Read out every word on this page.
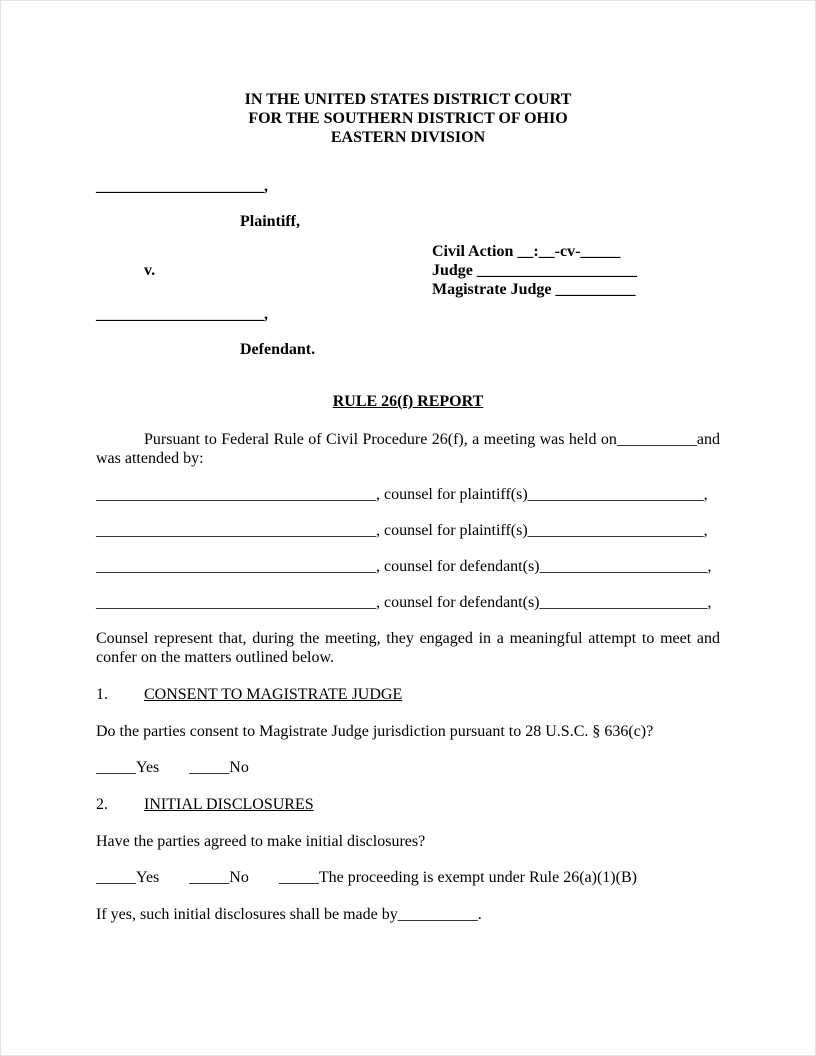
IN THE UNITED STATES DISTRICT COURT
FOR THE SOUTHERN DISTRICT OF OHIO
EASTERN DIVISION
_____________________,
Plaintiff,
v.
Civil Action __:__-cv-_____
Judge ____________________
Magistrate Judge __________
_____________________,
Defendant.
RULE 26(f) REPORT

Pursuant to Federal Rule of Civil Procedure 26(f), a meeting was held on__________and was attended by:

___________________________________, counsel for plaintiff(s)______________________,
___________________________________, counsel for plaintiff(s)______________________,
___________________________________, counsel for defendant(s)_____________________,
___________________________________, counsel for defendant(s)_____________________,

Counsel represent that, during the meeting, they engaged in a meaningful attempt to meet and confer on the matters outlined below.

1. CONSENT TO MAGISTRATE JUDGE
Do the parties consent to Magistrate Judge jurisdiction pursuant to 28 U.S.C. § 636(c)?
_____Yes _____No
2. INITIAL DISCLOSURES
Have the parties agreed to make initial disclosures?
_____Yes _____No _____The proceeding is exempt under Rule 26(a)(1)(B)
If yes, such initial disclosures shall be made by__________.
